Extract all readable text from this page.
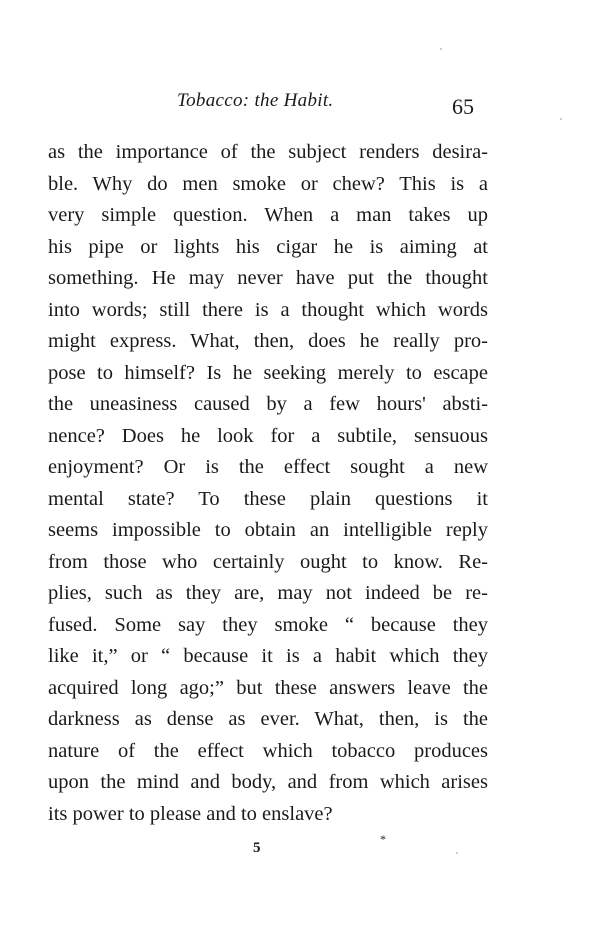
Tobacco: the Habit.	65
as the importance of the subject renders desira-
ble. Why do men smoke or chew? This is a
very simple question. When a man takes up
his pipe or lights his cigar he is aiming at
something. He may never have put the thought
into words; still there is a thought which words
might express. What, then, does he really pro-
pose to himself? Is he seeking merely to escape
the uneasiness caused by a few hours' absti-
nence? Does he look for a subtile, sensuous
enjoyment? Or is the effect sought a new
mental state? To these plain questions it
seems impossible to obtain an intelligible reply
from those who certainly ought to know. Re-
plies, such as they are, may not indeed be re-
fused. Some say they smoke “ because they
like it,” or “ because it is a habit which they
acquired long ago;” but these answers leave the
darkness as dense as ever. What, then, is the
nature of the effect which tobacco produces
upon the mind and body, and from which arises
its power to please and to enslave?
5
*
